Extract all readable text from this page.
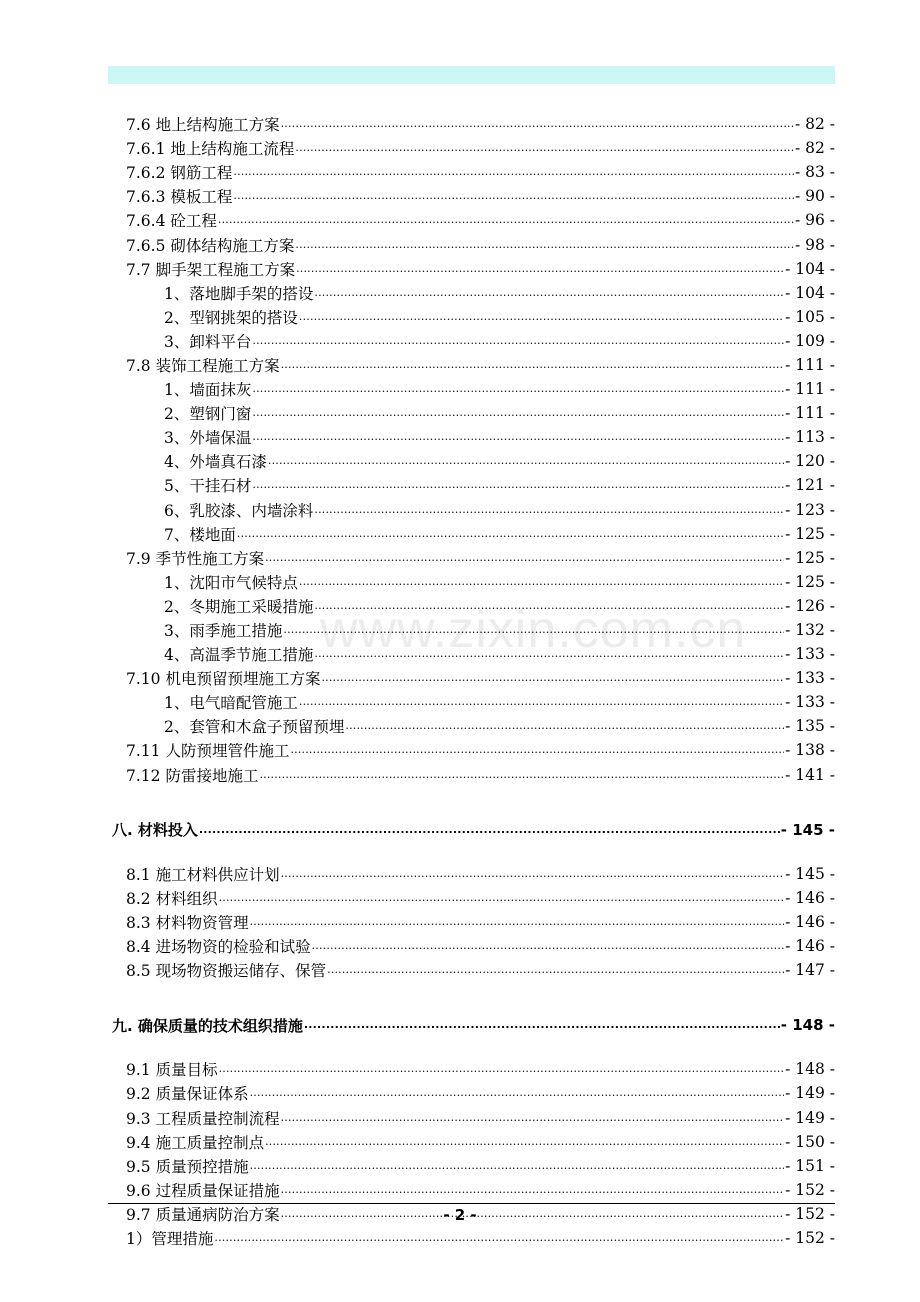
www.zixin.com.cn
7.6 地上结构施工方案 .....	- 82 -
7.6.1 地上结构施工流程 .....	- 82 -
7.6.2 钢筋工程 .....	- 83 -
7.6.3 模板工程 .....	- 90 -
7.6.4 砼工程 .....	- 96 -
7.6.5 砌体结构施工方案 .....	- 98 -
7.7 脚手架工程施工方案 .....	- 104 -
1、落地脚手架的搭设 .....	- 104 -
2、型钢挑架的搭设 .....	- 105 -
3、卸料平台 .....	- 109 -
7.8 装饰工程施工方案 .....	- 111 -
1、墙面抹灰 .....	- 111 -
2、塑钢门窗 .....	- 111 -
3、外墙保温 .....	- 113 -
4、外墙真石漆 .....	- 120 -
5、干挂石材 .....	- 121 -
6、乳胶漆、内墙涂料 .....	- 123 -
7、楼地面 .....	- 125 -
7.9 季节性施工方案 .....	- 125 -
1、沈阳市气候特点 .....	- 125 -
2、冬期施工采暖措施 .....	- 126 -
3、雨季施工措施 .....	- 132 -
4、高温季节施工措施 .....	- 133 -
7.10 机电预留预埋施工方案 .....	- 133 -
1、电气暗配管施工 .....	- 133 -
2、套管和木盒子预留预埋 .....	- 135 -
7.11 人防预埋管件施工 .....	- 138 -
7.12 防雷接地施工 .....	- 141 -
八. 材料投入 .....	- 145 -
8.1 施工材料供应计划 .....	- 145 -
8.2 材料组织 .....	- 146 -
8.3 材料物资管理 .....	- 146 -
8.4 进场物资的检验和试验 .....	- 146 -
8.5 现场物资搬运储存、保管 .....	- 147 -
九. 确保质量的技术组织措施 .....	- 148 -
9.1 质量目标 .....	- 148 -
9.2 质量保证体系 .....	- 149 -
9.3 工程质量控制流程 .....	- 149 -
9.4 施工质量控制点 .....	- 150 -
9.5 质量预控措施 .....	- 151 -
9.6 过程质量保证措施 .....	- 152 -
9.7 质量通病防治方案 .....	- 152 -
1）管理措施 .....	- 152 -
- 2 -
